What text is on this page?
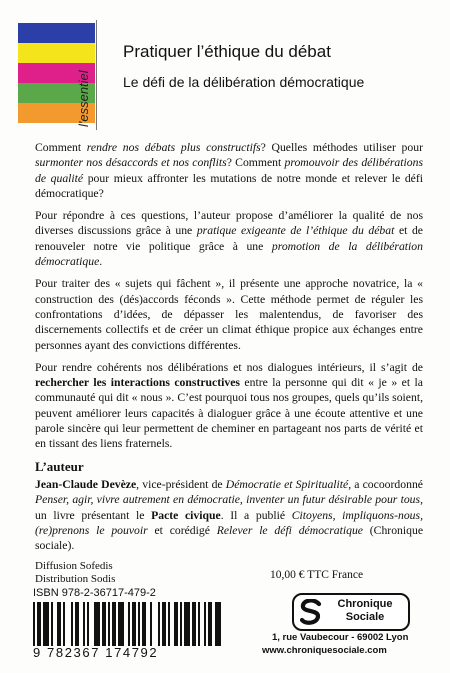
l'essentiel
Pratiquer l’éthique du débat
Le défi de la délibération démocratique

Comment rendre nos débats plus constructifs? Quelles méthodes utiliser pour surmonter nos désaccords et nos conflits? Comment promouvoir des délibérations de qualité pour mieux affronter les mutations de notre monde et relever le défi démocratique?

Pour répondre à ces questions, l’auteur propose d’améliorer la qualité de nos diverses discussions grâce à une pratique exigeante de l’éthique du débat et de renouveler notre vie politique grâce à une promotion de la délibération démocratique.

Pour traiter des « sujets qui fâchent », il présente une approche novatrice, la « construction des (dés)accords féconds ». Cette méthode permet de réguler les confrontations d’idées, de dépasser les malentendus, de favoriser des discernements collectifs et de créer un climat éthique propice aux échanges entre personnes ayant des convictions différentes.

Pour rendre cohérents nos délibérations et nos dialogues intérieurs, il s’agit de rechercher les interactions constructives entre la personne qui dit « je » et la communauté qui dit « nous ». C’est pourquoi tous nos groupes, quels qu’ils soient, peuvent améliorer leurs capacités à dialoguer grâce à une écoute attentive et une parole sincère qui leur permettent de cheminer en partageant nos parts de vérité et en tissant des liens fraternels.

L’auteur

Jean-Claude Devèze, vice-président de Démocratie et Spiritualité, a cocoordonné Penser, agir, vivre autrement en démocratie, inventer un futur désirable pour tous, un livre présentant le Pacte civique. Il a publié Citoyens, impliquons-nous, (re)prenons le pouvoir et corédigé Relever le défi démocratique (Chronique sociale).

Diffusion Sofedis
Distribution Sodis
ISBN 978-2-36717-479-2
9 782367 174792
10,00 € TTC France
Chronique
Sociale
1, rue Vaubecour - 69002 Lyon
www.chroniquesociale.com
